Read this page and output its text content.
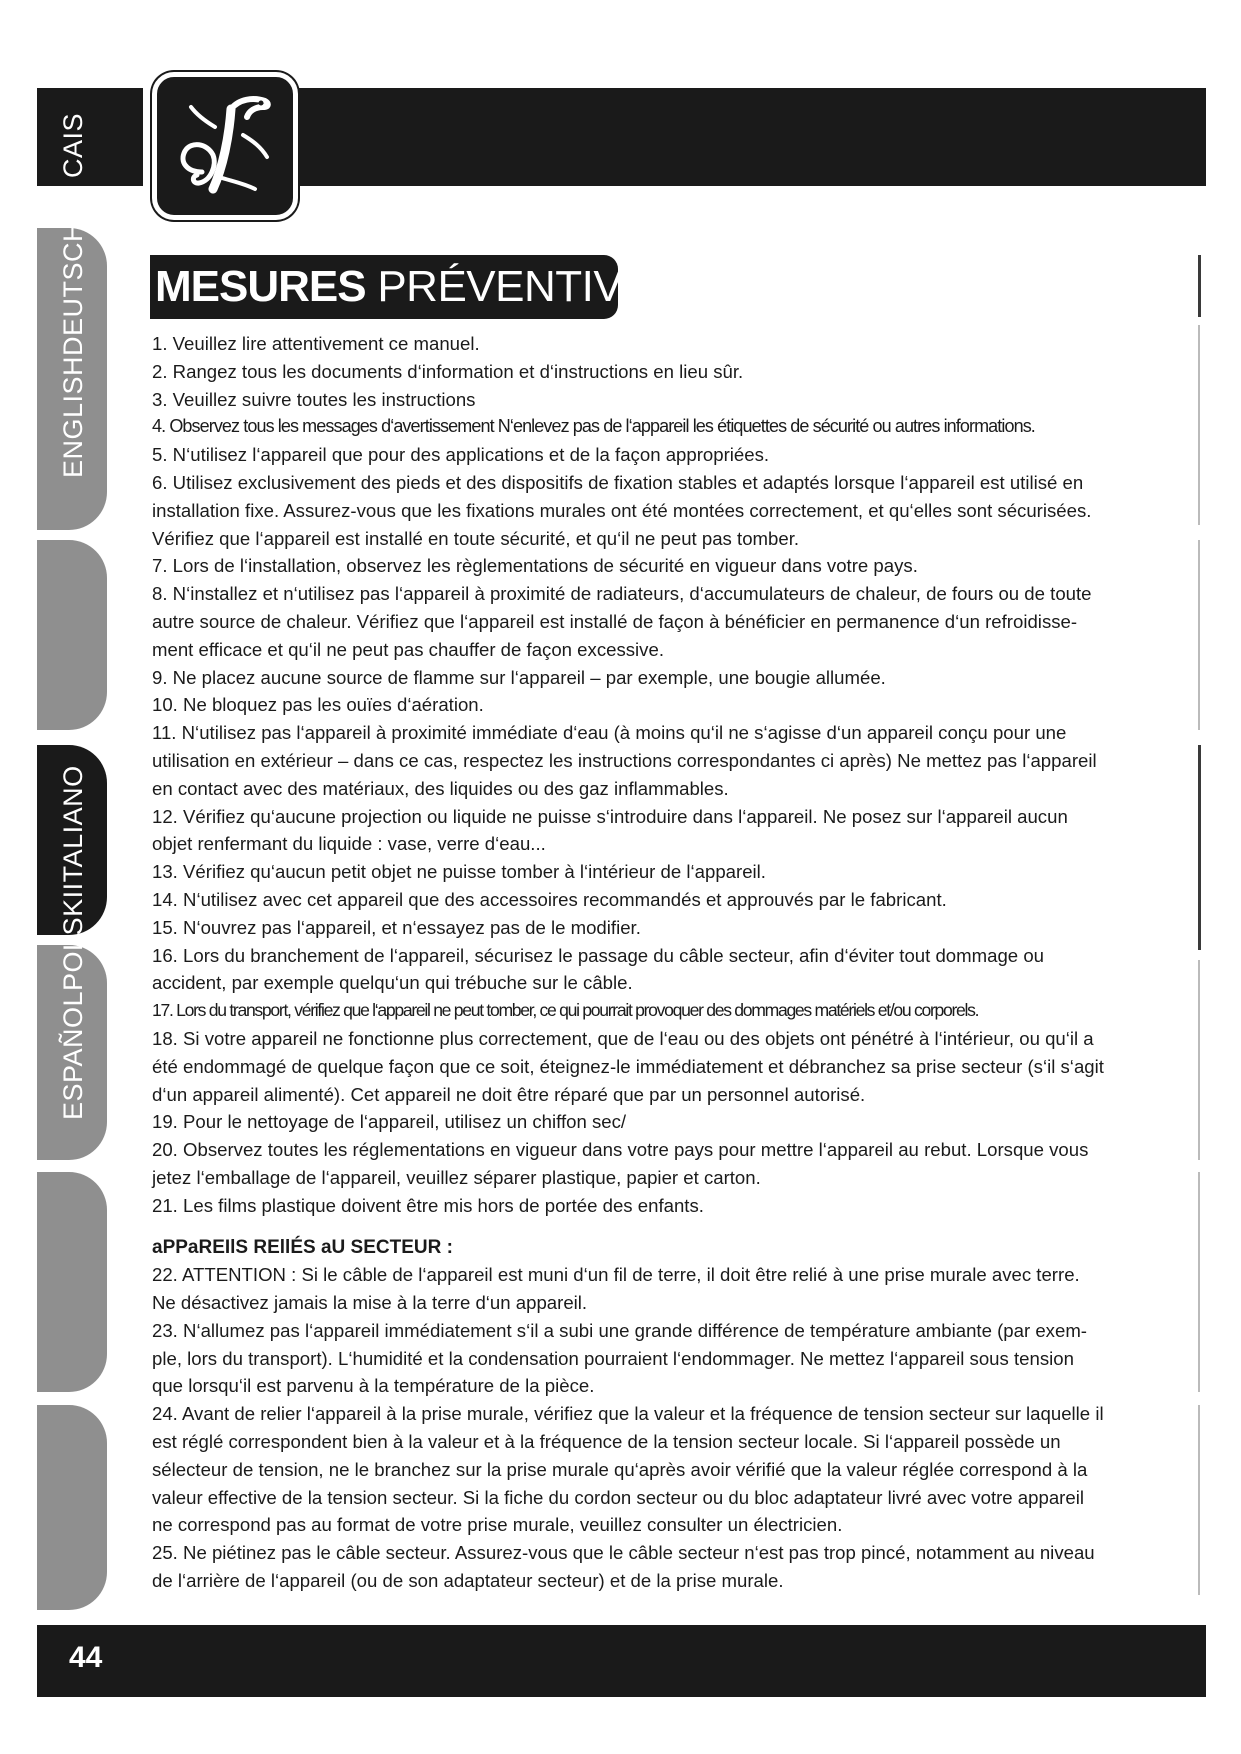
CAIS
ENGLISHDEUTSCH
ESPAÑOLPOLSKIITALIANO
MESURES PRÉVENTIVES :

1. Veuillez lire attentivement ce manuel.

2. Rangez tous les documents d‘information et d‘instructions en lieu sûr.

3. Veuillez suivre toutes les instructions

4. Observez tous les messages d‘avertissement N‘enlevez pas de l‘appareil les étiquettes de sécurité ou autres informations.

5. N‘utilisez l‘appareil que pour des applications et de la façon appropriées.

6. Utilisez exclusivement des pieds et des dispositifs de fixation stables et adaptés lorsque l‘appareil est utilisé en installation fixe. Assurez-vous que les fixations murales ont été montées correctement, et qu‘elles sont sécurisées. Vérifiez que l‘appareil est installé en toute sécurité, et qu‘il ne peut pas tomber.

7. Lors de l‘installation, observez les règlementations de sécurité en vigueur dans votre pays.

8. N‘installez et n‘utilisez pas l‘appareil à proximité de radiateurs, d‘accumulateurs de chaleur, de fours ou de toute autre source de chaleur. Vérifiez que l‘appareil est installé de façon à bénéficier en permanence d‘un refroidisse-ment efficace et qu‘il ne peut pas chauffer de façon excessive.

9. Ne placez aucune source de flamme sur l‘appareil – par exemple, une bougie allumée.

10. Ne bloquez pas les ouïes d‘aération.

11. N‘utilisez pas l‘appareil à proximité immédiate d‘eau (à moins qu‘il ne s‘agisse d‘un appareil conçu pour une utilisation en extérieur – dans ce cas, respectez les instructions correspondantes ci après) Ne mettez pas l‘appareil en contact avec des matériaux, des liquides ou des gaz inflammables.

12. Vérifiez qu‘aucune projection ou liquide ne puisse s‘introduire dans l‘appareil. Ne posez sur l‘appareil aucun objet renfermant du liquide : vase, verre d‘eau...

13. Vérifiez qu‘aucun petit objet ne puisse tomber à l‘intérieur de l‘appareil.

14. N‘utilisez avec cet appareil que des accessoires recommandés et approuvés par le fabricant.

15. N‘ouvrez pas l‘appareil, et n‘essayez pas de le modifier.

16. Lors du branchement de l‘appareil, sécurisez le passage du câble secteur, afin d‘éviter tout dommage ou accident, par exemple quelqu‘un qui trébuche sur le câble.

17. Lors du transport, vérifiez que l‘appareil ne peut tomber, ce qui pourrait provoquer des dommages matériels et/ou corporels.

18. Si votre appareil ne fonctionne plus correctement, que de l‘eau ou des objets ont pénétré à l‘intérieur, ou qu‘il a été endommagé de quelque façon que ce soit, éteignez-le immédiatement et débranchez sa prise secteur (s‘il s‘agit d‘un appareil alimenté). Cet appareil ne doit être réparé que par un personnel autorisé.

19. Pour le nettoyage de l‘appareil, utilisez un chiffon sec/

20. Observez toutes les réglementations en vigueur dans votre pays pour mettre l‘appareil au rebut. Lorsque vous jetez l‘emballage de l‘appareil, veuillez séparer plastique, papier et carton.

21. Les films plastique doivent être mis hors de portée des enfants.

aPPaREIlS REllÉS aU SECTEUR :

22. ATTENTION : Si le câble de l‘appareil est muni d‘un fil de terre, il doit être relié à une prise murale avec terre. Ne désactivez jamais la mise à la terre d‘un appareil.

23. N‘allumez pas l‘appareil immédiatement s‘il a subi une grande différence de température ambiante (par exem-ple, lors du transport). L‘humidité et la condensation pourraient l‘endommager. Ne mettez l‘appareil sous tension que lorsqu‘il est parvenu à la température de la pièce.

24. Avant de relier l‘appareil à la prise murale, vérifiez que la valeur et la fréquence de tension secteur sur laquelle il est réglé correspondent bien à la valeur et à la fréquence de la tension secteur locale. Si l‘appareil possède un sélecteur de tension, ne le branchez sur la prise murale qu‘après avoir vérifié que la valeur réglée correspond à la valeur effective de la tension secteur. Si la fiche du cordon secteur ou du bloc adaptateur livré avec votre appareil ne correspond pas au format de votre prise murale, veuillez consulter un électricien.

25. Ne piétinez pas le câble secteur. Assurez-vous que le câble secteur n‘est pas trop pincé, notamment au niveau de l‘arrière de l‘appareil (ou de son adaptateur secteur) et de la prise murale.

44
